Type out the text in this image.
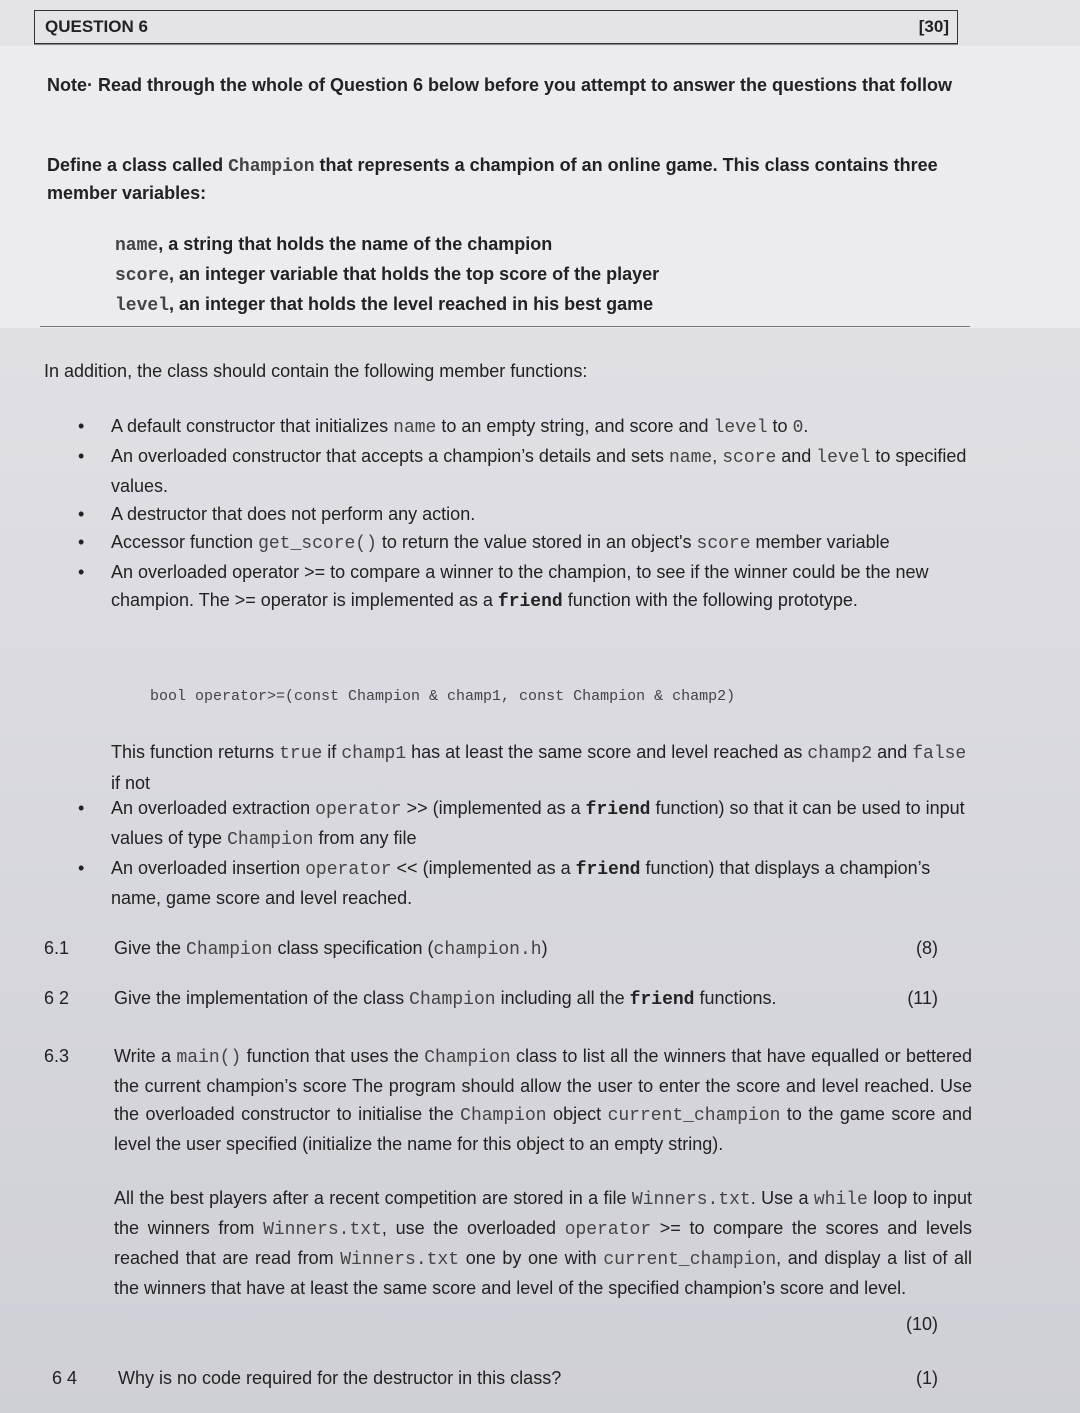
QUESTION 6	[30]
Note· Read through the whole of Question 6 below before you attempt to answer the questions that follow
Define a class called Champion that represents a champion of an online game. This class contains three member variables:
name, a string that holds the name of the champion
score, an integer variable that holds the top score of the player
level, an integer that holds the level reached in his best game
In addition, the class should contain the following member functions:
• A default constructor that initializes name to an empty string, and score and level to 0.
• An overloaded constructor that accepts a champion’s details and sets name, score and level to specified values.
• A destructor that does not perform any action.
• Accessor function get_score() to return the value stored in an object's score member variable
• An overloaded operator >= to compare a winner to the champion, to see if the winner could be the new champion. The >= operator is implemented as a friend function with the following prototype.
bool operator>=(const Champion & champ1, const Champion & champ2)
This function returns true if champ1 has at least the same score and level reached as champ2 and false if not
• An overloaded extraction operator >> (implemented as a friend function) so that it can be used to input values of type Champion from any file
• An overloaded insertion operator << (implemented as a friend function) that displays a champion’s name, game score and level reached.
6.1 Give the Champion class specification (champion.h)	(8)
6 2 Give the implementation of the class Champion including all the friend functions.	(11)
6.3 Write a main() function that uses the Champion class to list all the winners that have equalled or bettered the current champion’s score The program should allow the user to enter the score and level reached. Use the overloaded constructor to initialise the Champion object current_champion to the game score and level the user specified (initialize the name for this object to an empty string).
All the best players after a recent competition are stored in a file Winners.txt. Use a while loop to input the winners from Winners.txt, use the overloaded operator >= to compare the scores and levels reached that are read from Winners.txt one by one with current_champion, and display a list of all the winners that have at least the same score and level of the specified champion’s score and level.
(10)
6 4 Why is no code required for the destructor in this class?	(1)
